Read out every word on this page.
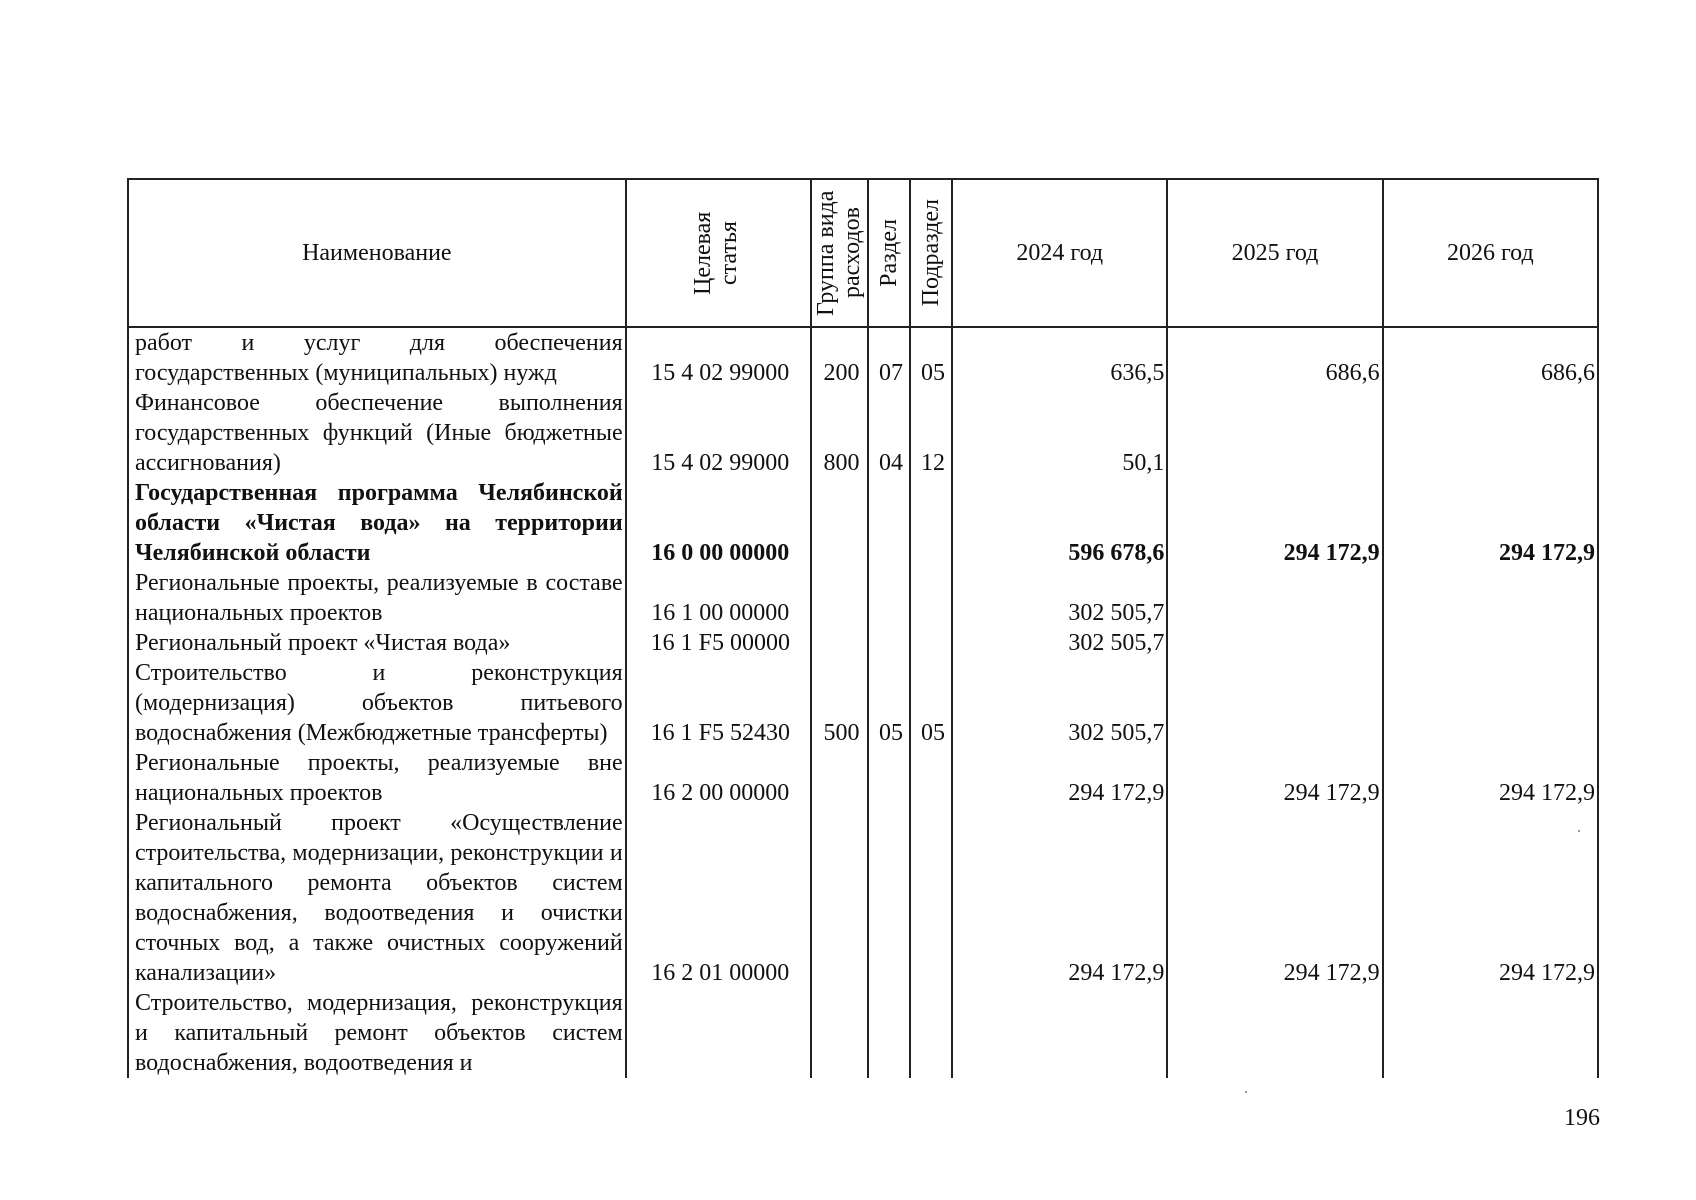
Наименование	Целевая статья	Группа вида расходов	Раздел	Подраздел	2024 год	2025 год	2026 год
работ и услуг для обеспечения государственных (муниципальных) нужд	15 4 02 99000	200	07	05	636,5	686,6	686,6
Финансовое обеспечение выполнения государственных функций (Иные бюджетные ассигнования)	15 4 02 99000	800	04	12	50,1		
Государственная программа Челябинской области «Чистая вода» на территории Челябинской области	16 0 00 00000				596 678,6	294 172,9	294 172,9
Региональные проекты, реализуемые в составе национальных проектов	16 1 00 00000				302 505,7		
Региональный проект «Чистая вода»	16 1 F5 00000				302 505,7		
Строительство и реконструкция (модернизация) объектов питьевого водоснабжения (Межбюджетные трансферты)	16 1 F5 52430	500	05	05	302 505,7		
Региональные проекты, реализуемые вне национальных проектов	16 2 00 00000				294 172,9	294 172,9	294 172,9
Региональный проект «Осуществление строительства, модернизации, реконструкции и капитального ремонта объектов систем водоснабжения, водоотведения и очистки сточных вод, а также очистных сооружений канализации»	16 2 01 00000				294 172,9	294 172,9	294 172,9
Строительство, модернизация, реконструкция и капитальный ремонт объектов систем водоснабжения, водоотведения и							
196
